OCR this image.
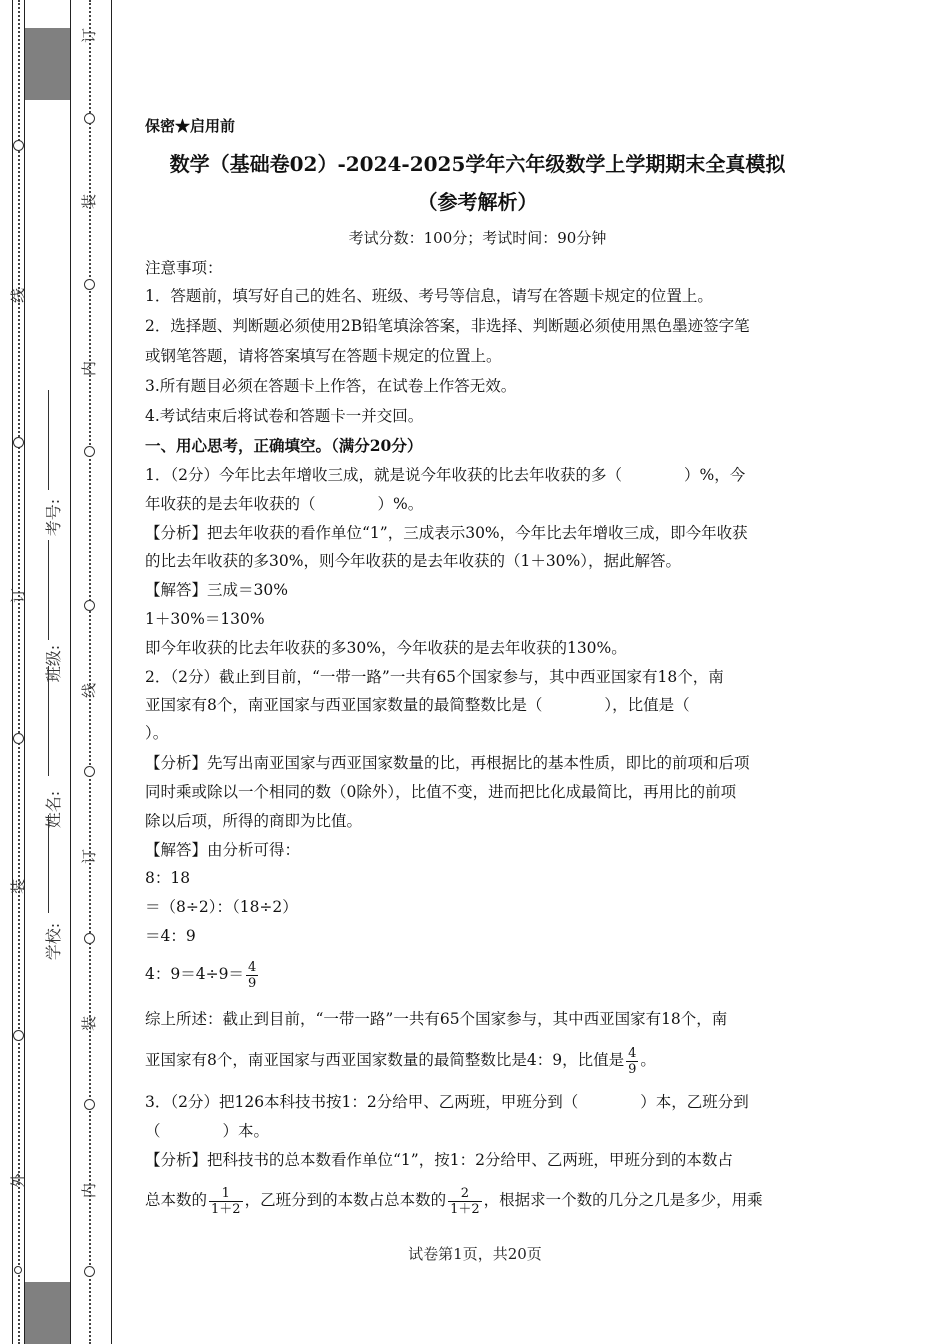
线
订
装
外
订
装
内
线
订
装
内
学校:
姓名:
班级:
考号:
保密★启用前
数学（基础卷02）-2024-2025学年六年级数学上学期期末全真模拟
（参考解析）
考试分数：100分；考试时间：90分钟
注意事项：
1．答题前，填写好自己的姓名、班级、考号等信息，请写在答题卡规定的位置上。
2．选择题、判断题必须使用2B铅笔填涂答案，非选择、判断题必须使用黑色墨迹签字笔
或钢笔答题，请将答案填写在答题卡规定的位置上。
3.所有题目必须在答题卡上作答，在试卷上作答无效。
4.考试结束后将试卷和答题卡一并交回。
一、用心思考，正确填空。（满分20分）
1．（2分）今年比去年增收三成，就是说今年收获的比去年收获的多（　　　　）%，今
年收获的是去年收获的（　　　　）%。
【分析】把去年收获的看作单位“1”，三成表示30%，今年比去年增收三成，即今年收获
的比去年收获的多30%，则今年收获的是去年收获的（1＋30%），据此解答。
【解答】三成＝30%
1＋30%＝130%
即今年收获的比去年收获的多30%，今年收获的是去年收获的130%。
2．（2分）截止到目前，“一带一路”一共有65个国家参与，其中西亚国家有18个，南
亚国家有8个，南亚国家与西亚国家数量的最简整数比是（　　　　），比值是（
）。
【分析】先写出南亚国家与西亚国家数量的比，再根据比的基本性质，即比的前项和后项
同时乘或除以一个相同的数（0除外），比值不变，进而把比化成最简比，再用比的前项
除以后项，所得的商即为比值。
【解答】由分析可得：
8：18
＝（8÷2）：（18÷2）
＝4：9
4：$9=4\div 9= \frac{4}{9}$
综上所述：截止到目前，“一带一路”一共有65个国家参与，其中西亚国家有18个，南
亚国家有8个，南亚国家与西亚国家数量的最简整数比是4：9，比值是 $\frac{4}{9}$ 。
3．（2分）把126本科技书按1：2分给甲、乙两班，甲班分到（　　　　）本，乙班分到
（　　　　）本。
【分析】把科技书的总本数看作单位“1”，按1：2分给甲、乙两班，甲班分到的本数占
总本数的 $\frac{1}{1+2}$ ，乙班分到的本数占总本数的 $\frac{2}{1+2}$ ，根据求一个数的几分之几是多少，用乘
试卷第1页，共20页
